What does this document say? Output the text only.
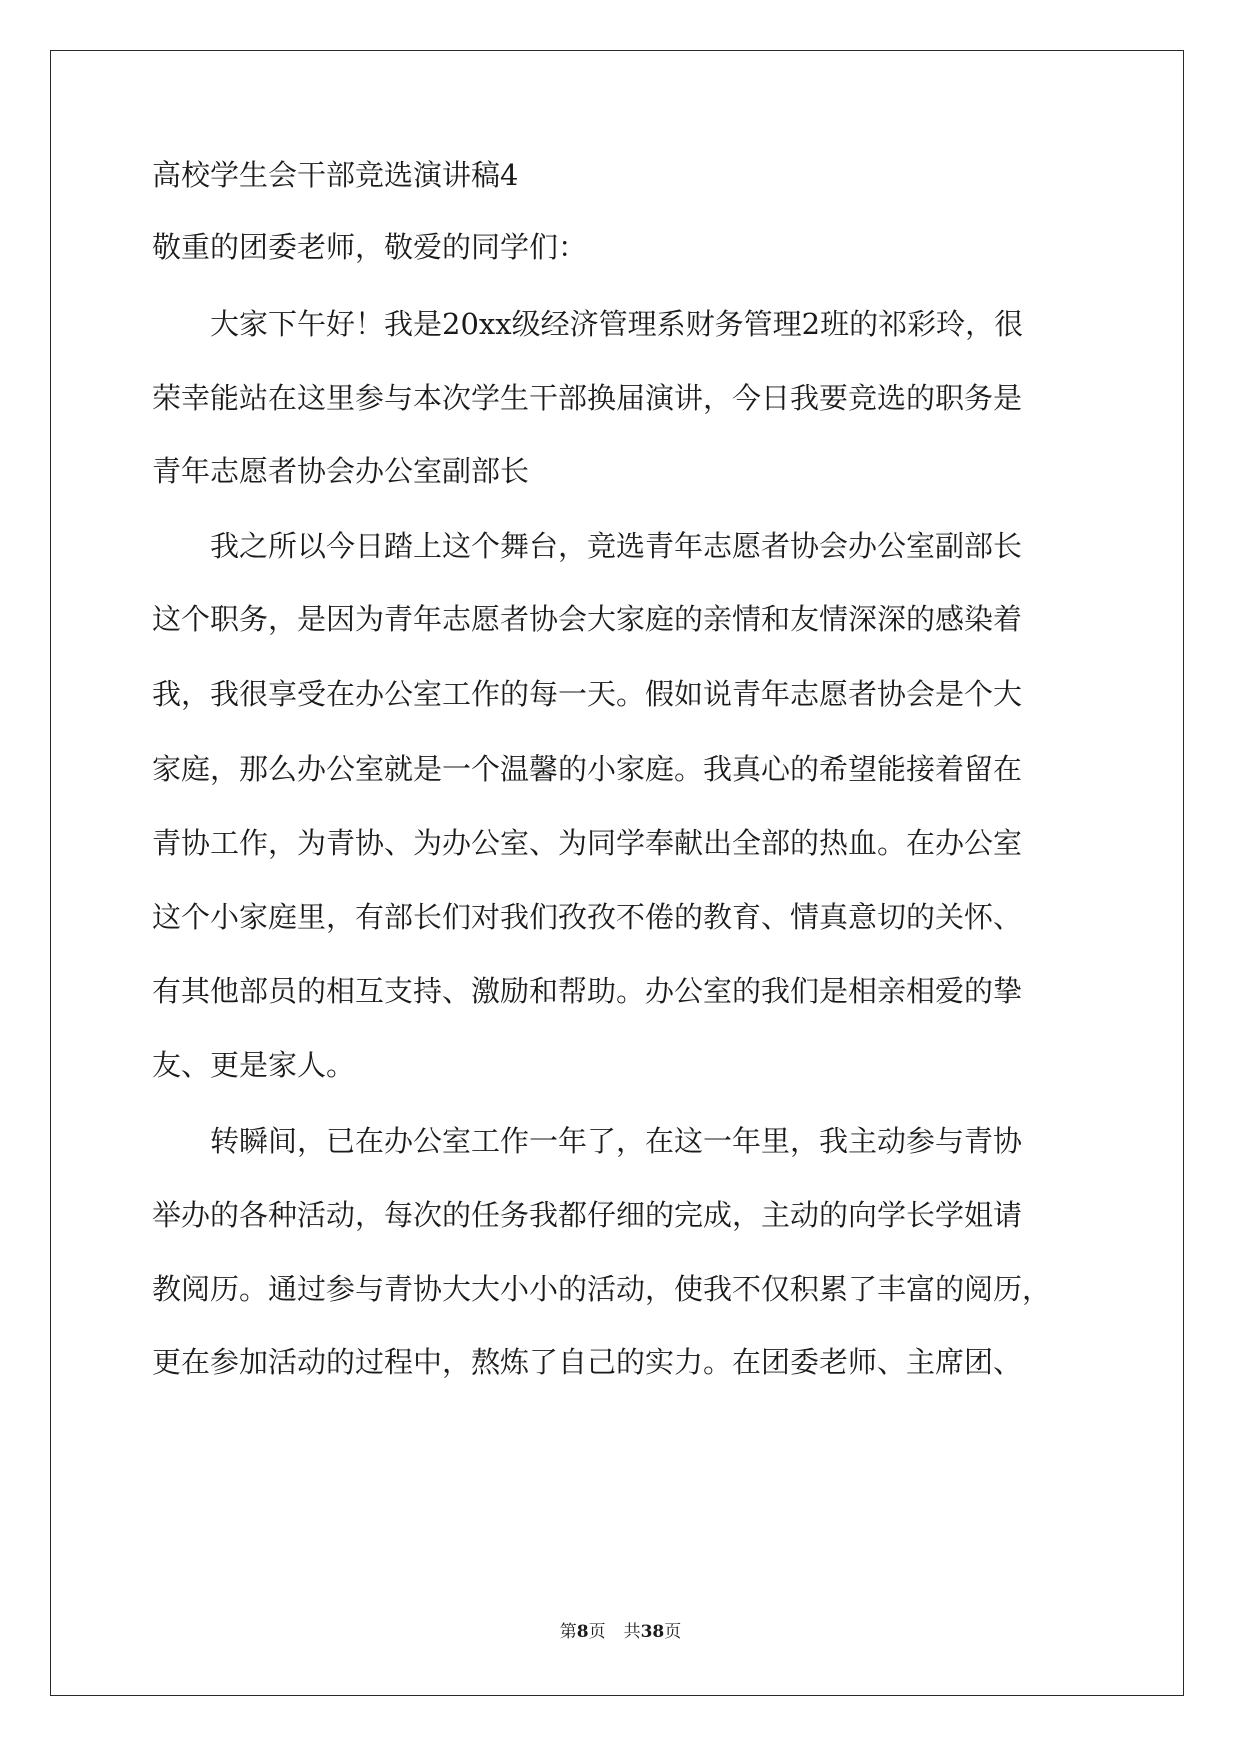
高校学生会干部竞选演讲稿4

敬重的团委老师，敬爱的同学们：

　　大家下午好！我是20xx级经济管理系财务管理2班的祁彩玲，很

荣幸能站在这里参与本次学生干部换届演讲，今日我要竞选的职务是

青年志愿者协会办公室副部长

　　我之所以今日踏上这个舞台，竞选青年志愿者协会办公室副部长

这个职务，是因为青年志愿者协会大家庭的亲情和友情深深的感染着

我，我很享受在办公室工作的每一天。假如说青年志愿者协会是个大

家庭，那么办公室就是一个温馨的小家庭。我真心的希望能接着留在

青协工作，为青协、为办公室、为同学奉献出全部的热血。在办公室

这个小家庭里，有部长们对我们孜孜不倦的教育、情真意切的关怀、

有其他部员的相互支持、激励和帮助。办公室的我们是相亲相爱的挚

友、更是家人。

　　转瞬间，已在办公室工作一年了，在这一年里，我主动参与青协

举办的各种活动，每次的任务我都仔细的完成，主动的向学长学姐请

教阅历。通过参与青协大大小小的活动，使我不仅积累了丰富的阅历，

更在参加活动的过程中，熬炼了自己的实力。在团委老师、主席团、

第8页 共38页
